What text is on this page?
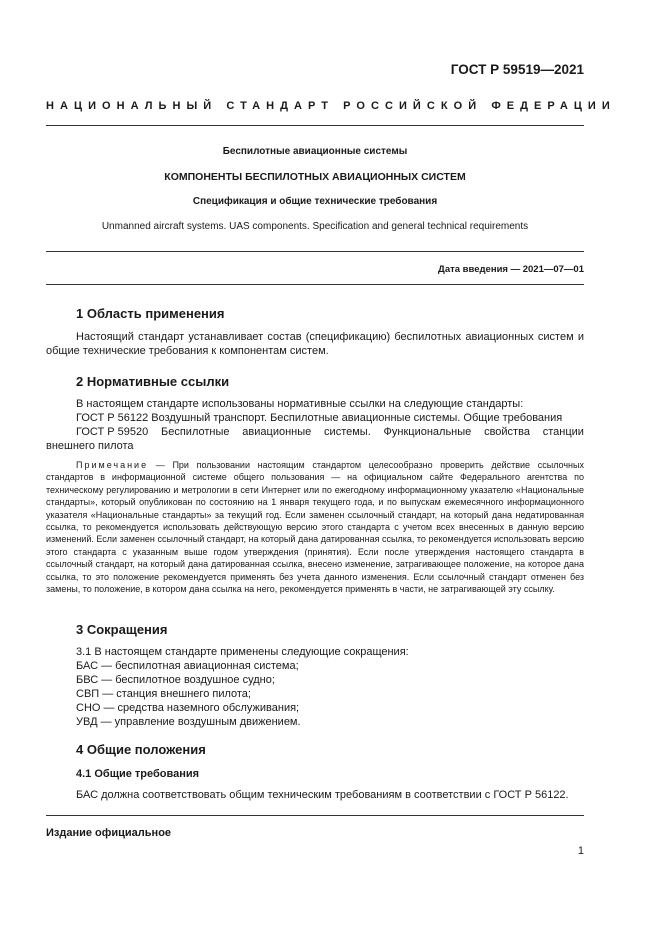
ГОСТ Р 59519—2021
НАЦИОНАЛЬНЫЙ СТАНДАРТ РОССИЙСКОЙ ФЕДЕРАЦИИ
Беспилотные авиационные системы
КОМПОНЕНТЫ БЕСПИЛОТНЫХ АВИАЦИОННЫХ СИСТЕМ
Спецификация и общие технические требования
Unmanned aircraft systems. UAS components. Specification and general technical requirements
Дата введения — 2021—07—01
1 Область применения

Настоящий стандарт устанавливает состав (спецификацию) беспилотных авиационных систем и общие технические требования к компонентам систем.

2 Нормативные ссылки
В настоящем стандарте использованы нормативные ссылки на следующие стандарты:
ГОСТ Р 56122 Воздушный транспорт. Беспилотные авиационные системы. Общие требования
ГОСТ Р 59520 Беспилотные авиационные системы. Функциональные свойства станции
внешнего пилота

Примечание — При пользовании настоящим стандартом целесообразно проверить действие ссылочных стандартов в информационной системе общего пользования — на официальном сайте Федерального агентства по техническому регулированию и метрологии в сети Интернет или по ежегодному информационному указателю «Национальные стандарты», который опубликован по состоянию на 1 января текущего года, и по выпускам ежемесячного информационного указателя «Национальные стандарты» за текущий год. Если заменен ссылочный стандарт, на который дана недатированная ссылка, то рекомендуется использовать действующую версию этого стандарта с учетом всех внесенных в данную версию изменений. Если заменен ссылочный стандарт, на который дана датированная ссылка, то рекомендуется использовать версию этого стандарта с указанным выше годом утверждения (принятия). Если после утверждения настоящего стандарта в ссылочный стандарт, на который дана датированная ссылка, внесено изменение, затрагивающее положение, на которое дана ссылка, то это положение рекомендуется применять без учета данного изменения. Если ссылочный стандарт отменен без замены, то положение, в котором дана ссылка на него, рекомендуется применять в части, не затрагивающей эту ссылку.

3 Сокращения
3.1 В настоящем стандарте применены следующие сокращения:
БАС — беспилотная авиационная система;
БВС — беспилотное воздушное судно;
СВП — станция внешнего пилота;
СНО — средства наземного обслуживания;
УВД — управление воздушным движением.
4 Общие положения
4.1 Общие требования
БАС должна соответствовать общим техническим требованиям в соответствии с ГОСТ Р 56122.
Издание официальное
1
